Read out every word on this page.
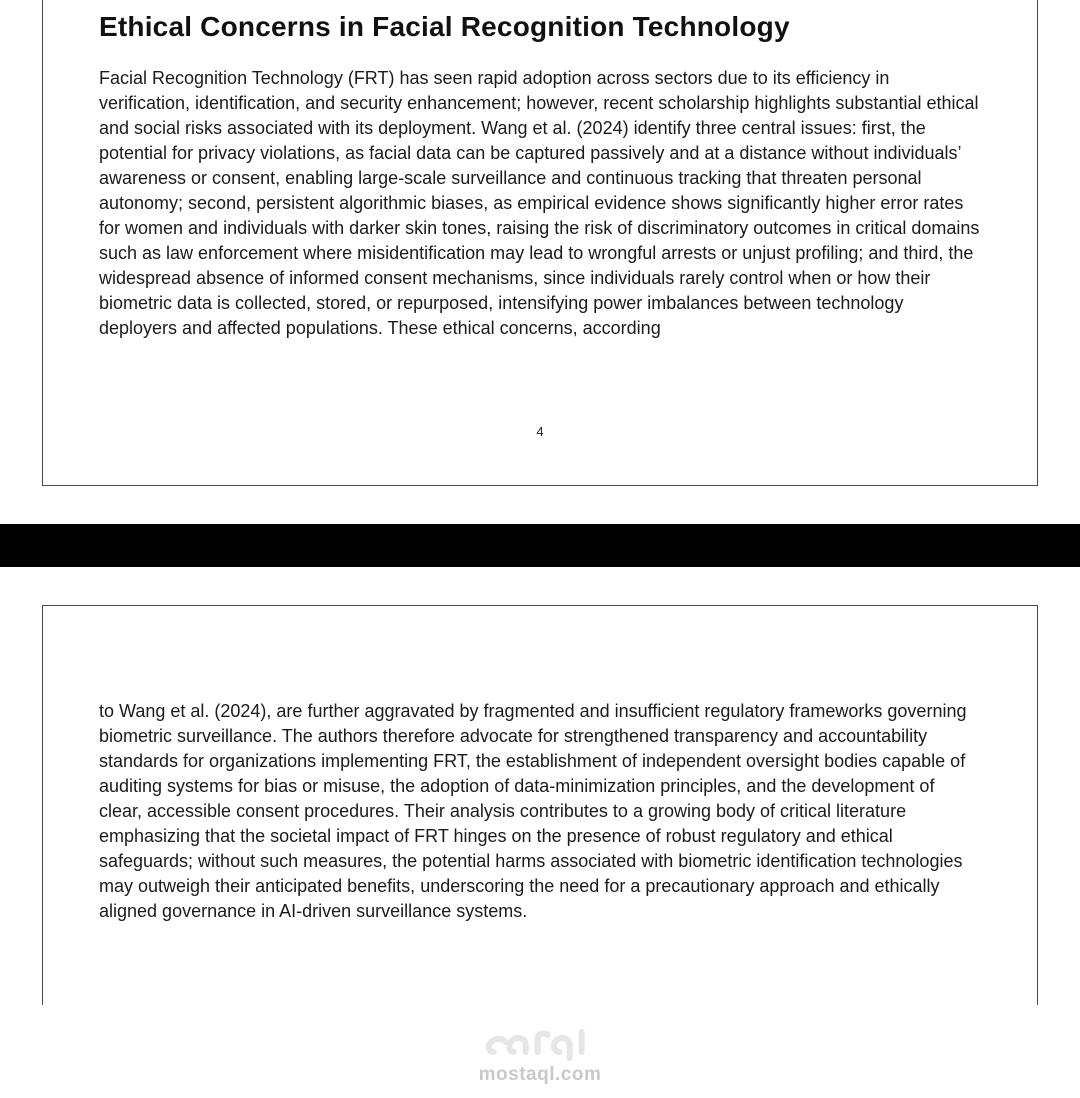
Ethical Concerns in Facial Recognition Technology

Facial Recognition Technology (FRT) has seen rapid adoption across sectors due to its efficiency in verification, identification, and security enhancement; however, recent scholarship highlights substantial ethical and social risks associated with its deployment. Wang et al. (2024) identify three central issues: first, the potential for privacy violations, as facial data can be captured passively and at a distance without individuals’ awareness or consent, enabling large-scale surveillance and continuous tracking that threaten personal autonomy; second, persistent algorithmic biases, as empirical evidence shows significantly higher error rates for women and individuals with darker skin tones, raising the risk of discriminatory outcomes in critical domains such as law enforcement where misidentification may lead to wrongful arrests or unjust profiling; and third, the widespread absence of informed consent mechanisms, since individuals rarely control when or how their biometric data is collected, stored, or repurposed, intensifying power imbalances between technology deployers and affected populations. These ethical concerns, according

4

to Wang et al. (2024), are further aggravated by fragmented and insufficient regulatory frameworks governing biometric surveillance. The authors therefore advocate for strengthened transparency and accountability standards for organizations implementing FRT, the establishment of independent oversight bodies capable of auditing systems for bias or misuse, the adoption of data-minimization principles, and the development of clear, accessible consent procedures. Their analysis contributes to a growing body of critical literature emphasizing that the societal impact of FRT hinges on the presence of robust regulatory and ethical safeguards; without such measures, the potential harms associated with biometric identification technologies may outweigh their anticipated benefits, underscoring the need for a precautionary approach and ethically aligned governance in AI-driven surveillance systems.

mostaql.com
